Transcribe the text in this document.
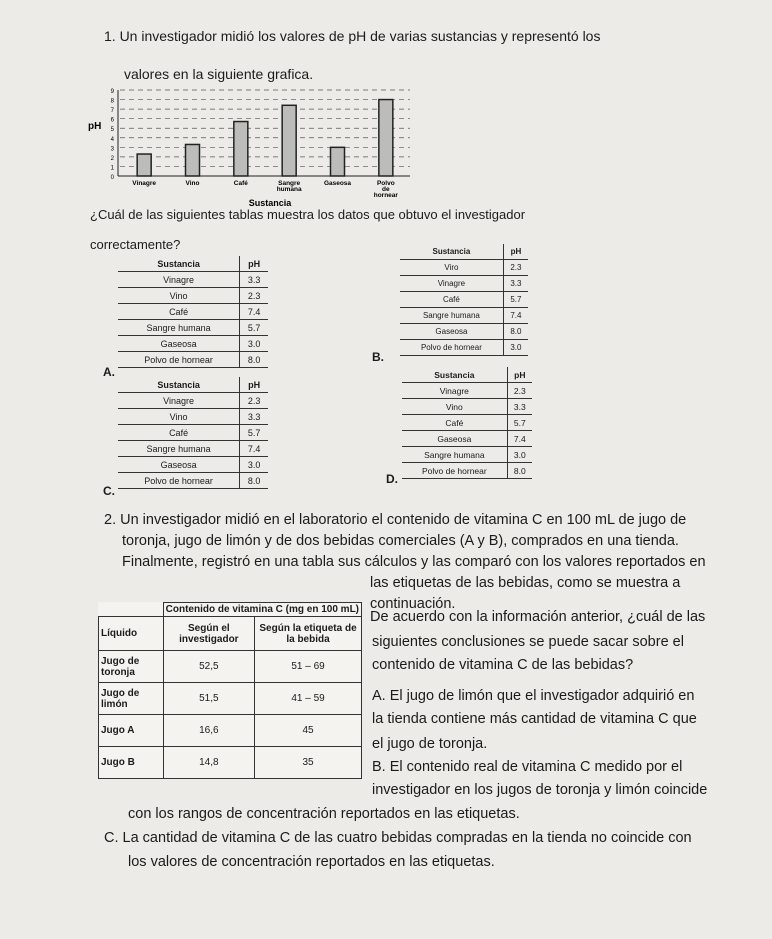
1. Un investigador midió los valores de pH de varias sustancias y representó los
valores en la siguiente grafica.
0
1
2
3
4
5
6
7
8
9
Vinagre	Vino	Café	Sangre humana
Gaseosa	Polvo de hornear
pH
Sustancia
¿Cuál de las siguientes tablas muestra los datos que obtuvo el investigador
correctamente?
A.
Sustancia	pH
Vinagre	3.3
Vino	2.3
Café	7.4
Sangre humana	5.7
Gaseosa	3.0
Polvo de hornear	8.0	B.
Sustancia	pH
Viro	2.3
Vinagre	3.3
Café	5.7
Sangre humana	7.4
Gaseosa	8.0
Polvo de hornear	3.0
C.
Sustancia	pH
Vinagre	2.3
Vino	3.3
Café	5.7
Sangre humana	7.4
Gaseosa	3.0
Polvo de hornear	8.0	D.
Sustancia	pH
Vinagre	2.3
Vino	3.3
Café	5.7
Gaseosa	7.4
Sangre humana	3.0
Polvo de hornear	8.0
2. Un investigador midió en el laboratorio el contenido de vitamina C en 100 mL de jugo de
toronja, jugo de limón y de dos bebidas comerciales (A y B), comprados en una tienda.
Finalmente, registró en una tabla sus cálculos y las comparó con los valores reportados en
las etiquetas de las bebidas, como se muestra a
continuación.
De acuerdo con la información anterior, ¿cuál de las
siguientes conclusiones se puede sacar sobre el
contenido de vitamina C de las bebidas?
	Contenido de vitamina C (mg en 100 mL)	
Líquido	Según el investigador	Según la etiqueta de la bebida
Jugo de toronja	52,5	51 – 69
Jugo de limón	51,5	41 – 59
Jugo A	16,6	45
Jugo B	14,8	35
A. El jugo de limón que el investigador adquirió en
la tienda contiene más cantidad de vitamina C que
el jugo de toronja.
B. El contenido real de vitamina C medido por el
investigador en los jugos de toronja y limón coincide
con los rangos de concentración reportados en las etiquetas.
C. La cantidad de vitamina C de las cuatro bebidas compradas en la tienda no coincide con
los valores de concentración reportados en las etiquetas.
